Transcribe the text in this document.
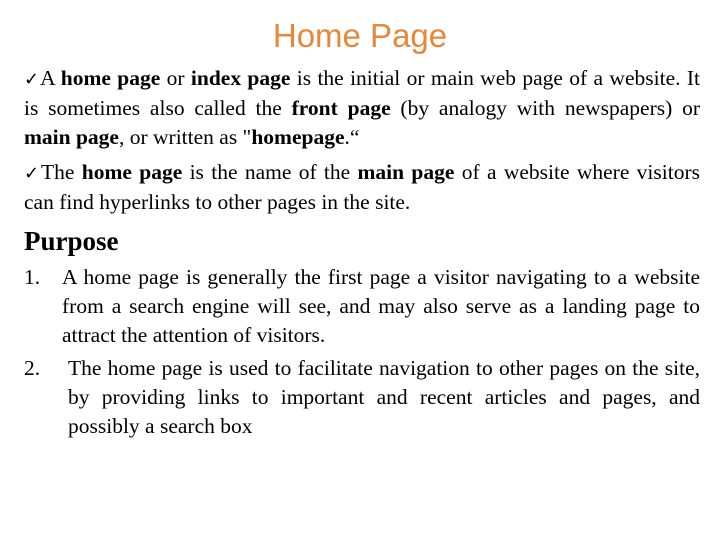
Home Page

✓A home page or index page is the initial or main web page of a website. It is sometimes also called the front page (by analogy with newspapers) or main page, or written as "homepage.“

✓The home page is the name of the main page of a website where visitors can find hyperlinks to other pages in the site.

Purpose
1.	A home page is generally the first page a visitor navigating to a website from a search engine will see, and may also serve as a landing page to attract the attention of visitors.
2.	The home page is used to facilitate navigation to other pages on the site, by providing links to important and recent articles and pages, and possibly a search box
